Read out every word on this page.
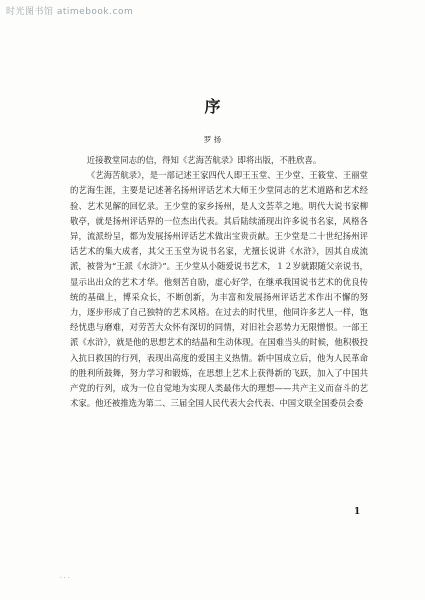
时光图书馆 atimebook.com
序
罗 扬

近接教堂同志的信，得知《艺海苦航录》即将出版，不胜欣喜。

《艺海苦航录》，是一部记述王家四代人即王玉堂、王少堂、王筱堂、王丽堂的艺海生涯，主要是记述著名扬州评话艺术大师王少堂同志的艺术道路和艺术经验、艺术见解的回忆录。王少堂的家乡扬州，是人文荟萃之地。明代大说书家柳敬亭，就是扬州评话界的一位杰出代表。其后陆续涌现出许多说书名家，风格各异，流派纷呈，都为发展扬州评话艺术做出宝贵贡献。王少堂是二十世纪扬州评话艺术的集大成者，其父王玉堂为说书名家，尤擅长说讲《水浒》，因其自成流派，被誉为“王派《水浒》”。王少堂从小随爱说书艺术，１２岁就跟随父亲说书，显示出出众的艺术才华。他刻苦自励，虚心好学，在继承我国说书艺术的优良传统的基础上，博采众长，不断创新，为丰富和发展扬州评话艺术作出不懈的努力，逐步形成了自己独特的艺术风格。在过去的时代里，他同许多艺人一样，饱经忧患与磨难，对劳苦大众怀有深切的同情，对旧社会恶势力无限憎恨。一部王派《水浒》，就是他的思想艺术的结晶和生动体现。在国难当头的时候，他积极投入抗日救国的行列，表现出高度的爱国主义热情。新中国成立后，他为人民革命的胜利所鼓舞，努力学习和锻炼，在思想上艺术上获得新的飞跃，加入了中国共产党的行列，成为一位自觉地为实现人类最伟大的理想——共产主义而奋斗的艺术家。他还被推选为第二、三届全国人民代表大会代表、中国文联全国委员会委

1
· · ·
